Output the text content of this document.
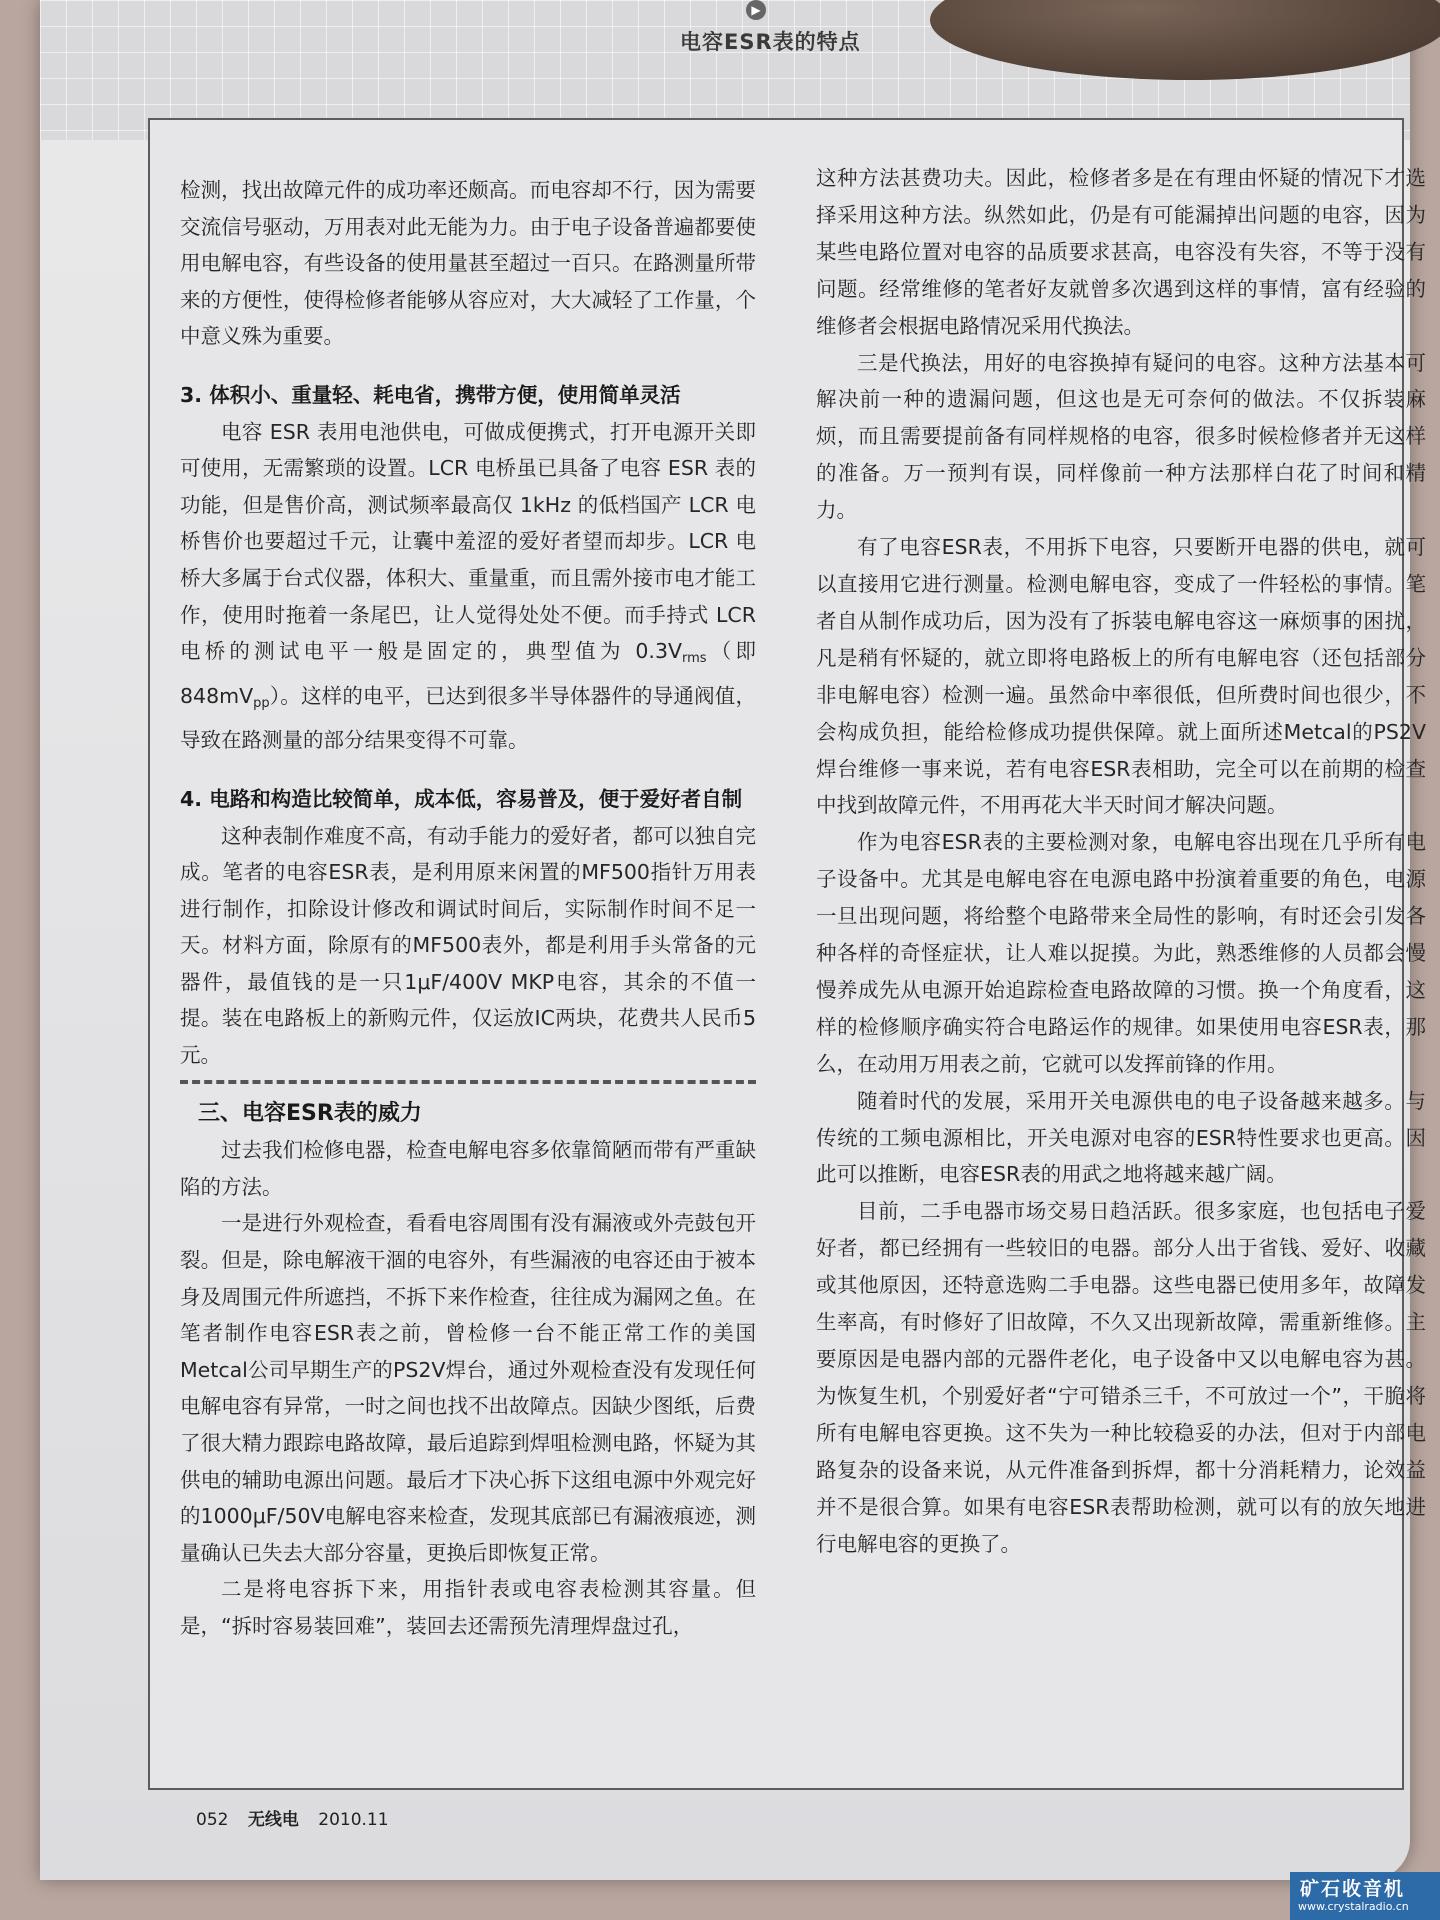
▶
电容ESR表的特点

检测，找出故障元件的成功率还颇高。而电容却不行，因为需要交流信号驱动，万用表对此无能为力。由于电子设备普遍都要使用电解电容，有些设备的使用量甚至超过一百只。在路测量所带来的方便性，使得检修者能够从容应对，大大减轻了工作量，个中意义殊为重要。

3. 体积小、重量轻、耗电省，携带方便，使用简单灵活

电容 ESR 表用电池供电，可做成便携式，打开电源开关即可使用，无需繁琐的设置。LCR 电桥虽已具备了电容 ESR 表的功能，但是售价高，测试频率最高仅 1kHz 的低档国产 LCR 电桥售价也要超过千元，让囊中羞涩的爱好者望而却步。LCR 电桥大多属于台式仪器，体积大、重量重，而且需外接市电才能工作，使用时拖着一条尾巴，让人觉得处处不便。而手持式 LCR 电桥的测试电平一般是固定的，典型值为 $0.3V_{rms}$（即 $848mV_{pp}$）。这样的电平，已达到很多半导体器件的导通阀值，导致在路测量的部分结果变得不可靠。

4. 电路和构造比较简单，成本低，容易普及，便于爱好者自制

这种表制作难度不高，有动手能力的爱好者，都可以独自完成。笔者的电容ESR表，是利用原来闲置的MF500指针万用表进行制作，扣除设计修改和调试时间后，实际制作时间不足一天。材料方面，除原有的MF500表外，都是利用手头常备的元器件，最值钱的是一只1μF/400V MKP电容，其余的不值一提。装在电路板上的新购元件，仅运放IC两块，花费共人民币5元。

三、电容ESR表的威力

过去我们检修电器，检查电解电容多依靠简陋而带有严重缺陷的方法。

一是进行外观检查，看看电容周围有没有漏液或外壳鼓包开裂。但是，除电解液干涸的电容外，有些漏液的电容还由于被本身及周围元件所遮挡，不拆下来作检查，往往成为漏网之鱼。在笔者制作电容ESR表之前，曾检修一台不能正常工作的美国Metcal公司早期生产的PS2V焊台，通过外观检查没有发现任何电解电容有异常，一时之间也找不出故障点。因缺少图纸，后费了很大精力跟踪电路故障，最后追踪到焊咀检测电路，怀疑为其供电的辅助电源出问题。最后才下决心拆下这组电源中外观完好的1000μF/50V电解电容来检查，发现其底部已有漏液痕迹，测量确认已失去大部分容量，更换后即恢复正常。

二是将电容拆下来，用指针表或电容表检测其容量。但是，“拆时容易装回难”，装回去还需预先清理焊盘过孔，

这种方法甚费功夫。因此，检修者多是在有理由怀疑的情况下才选择采用这种方法。纵然如此，仍是有可能漏掉出问题的电容，因为某些电路位置对电容的品质要求甚高，电容没有失容，不等于没有问题。经常维修的笔者好友就曾多次遇到这样的事情，富有经验的维修者会根据电路情况采用代换法。

三是代换法，用好的电容换掉有疑问的电容。这种方法基本可解决前一种的遗漏问题，但这也是无可奈何的做法。不仅拆装麻烦，而且需要提前备有同样规格的电容，很多时候检修者并无这样的准备。万一预判有误，同样像前一种方法那样白花了时间和精力。

有了电容ESR表，不用拆下电容，只要断开电器的供电，就可以直接用它进行测量。检测电解电容，变成了一件轻松的事情。笔者自从制作成功后，因为没有了拆装电解电容这一麻烦事的困扰，凡是稍有怀疑的，就立即将电路板上的所有电解电容（还包括部分非电解电容）检测一遍。虽然命中率很低，但所费时间也很少，不会构成负担，能给检修成功提供保障。就上面所述Metcal的PS2V焊台维修一事来说，若有电容ESR表相助，完全可以在前期的检查中找到故障元件，不用再花大半天时间才解决问题。

作为电容ESR表的主要检测对象，电解电容出现在几乎所有电子设备中。尤其是电解电容在电源电路中扮演着重要的角色，电源一旦出现问题，将给整个电路带来全局性的影响，有时还会引发各种各样的奇怪症状，让人难以捉摸。为此，熟悉维修的人员都会慢慢养成先从电源开始追踪检查电路故障的习惯。换一个角度看，这样的检修顺序确实符合电路运作的规律。如果使用电容ESR表，那么，在动用万用表之前，它就可以发挥前锋的作用。

随着时代的发展，采用开关电源供电的电子设备越来越多。与传统的工频电源相比，开关电源对电容的ESR特性要求也更高。因此可以推断，电容ESR表的用武之地将越来越广阔。

目前，二手电器市场交易日趋活跃。很多家庭，也包括电子爱好者，都已经拥有一些较旧的电器。部分人出于省钱、爱好、收藏或其他原因，还特意选购二手电器。这些电器已使用多年，故障发生率高，有时修好了旧故障，不久又出现新故障，需重新维修。主要原因是电器内部的元器件老化，电子设备中又以电解电容为甚。为恢复生机，个别爱好者“宁可错杀三千，不可放过一个”，干脆将所有电解电容更换。这不失为一种比较稳妥的办法，但对于内部电路复杂的设备来说，从元件准备到拆焊，都十分消耗精力，论效益并不是很合算。如果有电容ESR表帮助检测，就可以有的放矢地进行电解电容的更换了。

052 无线电 2010.11
矿石收音机
www.crystalradio.cn
